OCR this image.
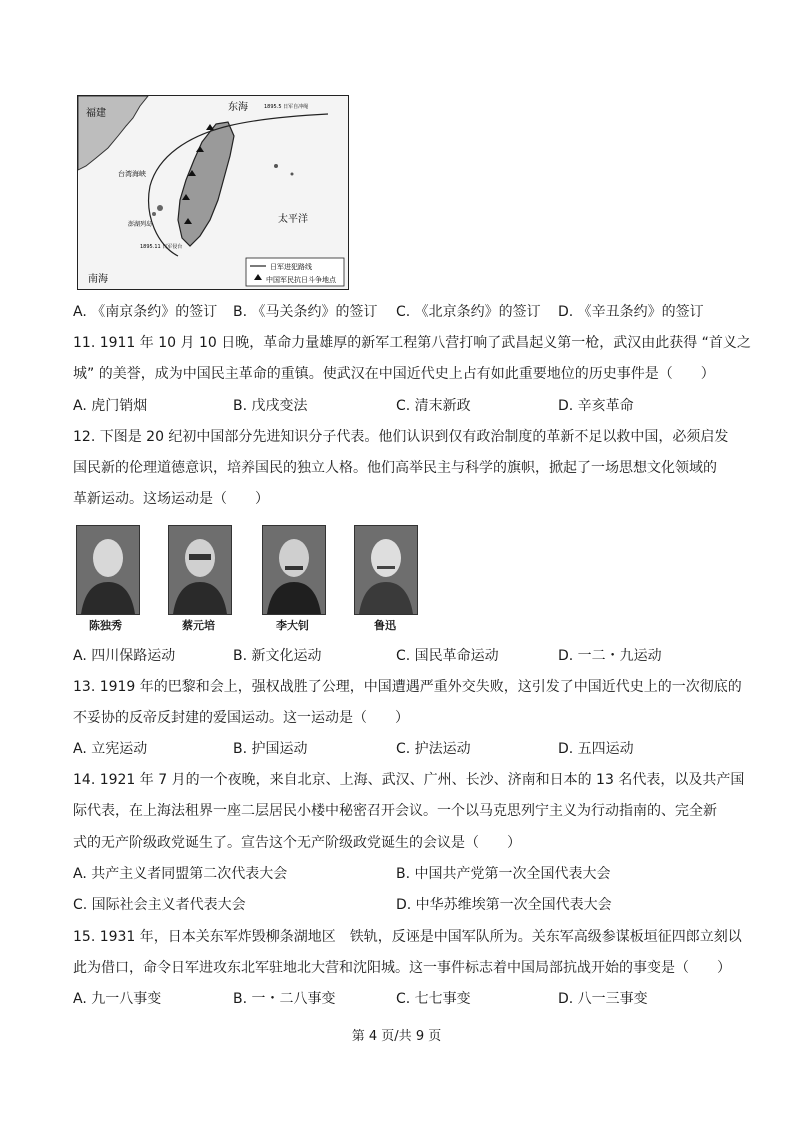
福建
东海
太平洋
南海
台湾海峡
澎湖列岛
1895.5 日军自冲绳
1895.11 日军侵台
日军进犯路线
中国军民抗日斗争地点
A. 《南京条约》的签订 B. 《马关条约》的签订 C. 《北京条约》的签订 D. 《辛丑条约》的签订
11. 1911 年 10 月 10 日晚，革命力量雄厚的新军工程第八营打响了武昌起义第一枪，武汉由此获得 “首义之
城” 的美誉，成为中国民主革命的重镇。使武汉在中国近代史上占有如此重要地位的历史事件是（　　）
A. 虎门销烟	B. 戊戌变法	C. 清末新政	D. 辛亥革命
12. 下图是 20 纪初中国部分先进知识分子代表。他们认识到仅有政治制度的革新不足以救中国，必须启发
国民新的伦理道德意识，培养国民的独立人格。他们高举民主与科学的旗帜，掀起了一场思想文化领域的
革新运动。这场运动是（　　）
陈独秀	蔡元培	李大钊	鲁迅
A. 四川保路运动	B. 新文化运动	C. 国民革命运动	D. 一二・九运动
13. 1919 年的巴黎和会上，强权战胜了公理，中国遭遇严重外交失败，这引发了中国近代史上的一次彻底的
不妥协的反帝反封建的爱国运动。这一运动是（　　）
A. 立宪运动	B. 护国运动	C. 护法运动	D. 五四运动
14. 1921 年 7 月的一个夜晚，来自北京、上海、武汉、广州、长沙、济南和日本的 13 名代表，以及共产国
际代表，在上海法租界一座二层居民小楼中秘密召开会议。一个以马克思列宁主义为行动指南的、完全新
式的无产阶级政党诞生了。宣告这个无产阶级政党诞生的会议是（　　）
A. 共产主义者同盟第二次代表大会	B. 中国共产党第一次全国代表大会
C. 国际社会主义者代表大会	D. 中华苏维埃第一次全国代表大会
15. 1931 年，日本关东军炸毁柳条湖地区　铁轨，反诬是中国军队所为。关东军高级参谋板垣征四郎立刻以
此为借口，命令日军进攻东北军驻地北大营和沈阳城。这一事件标志着中国局部抗战开始的事变是（　　）
A. 九一八事变	B. 一・二八事变	C. 七七事变	D. 八一三事变
第 4 页/共 9 页
